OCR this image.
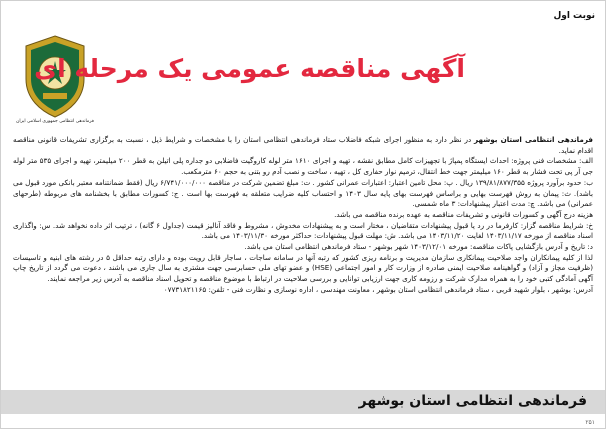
نوبت اول
فرماندهی انتظامی جمهوری اسلامی ایران
آگهی مناقصه عمومی یک مرحله ای

فرماندهی انتظامی استان بوشهر در نظر دارد به منظور اجرای شبکه فاضلاب ستاد فرماندهی انتظامی استان را با مشخصات و شرایط ذیل ، نسبت به برگزاری تشریفات قانونی مناقصه اقدام نماید.

الف: مشخصات فنی پروژه: احداث ایستگاه پمپاژ با تجهیزات کامل مطابق نقشه ، تهیه و اجرای ۱۶۱۰ متر لوله کاروگیت فاضلابی دو جداره پلی اتیلن به قطر ۲۰۰ میلیمتر، تهیه و اجرای ۵۳۵ متر لوله جی آر پی تحت فشار به قطر ۱۶۰ میلیمتر جهت خط انتقال، ترمیم نوار حفاری کل ، تهیه ، ساخت و نصب آدم رو بتنی به حجم ۶۰ مترمکعب.

ب: حدود برآورد پروژه ۱۳۹/۸۱/۸۷۷/۳۵۵ ریال . پ: محل تامین اعتبار: اعتبارات عمرانی کشور . ت: مبلغ تضمین شرکت در مناقصه ۶/۷۴۱/۰۰۰/۰۰۰ ریال (فقط ضمانتنامه معتبر بانکی مورد قبول می باشد). ث: پیمان به روش فهرست بهایی و براساس فهرست بهای پایه سال ۱۴۰۳ و احتساب کلیه ضرایب متعلقه به فهرست بها است . ج: کسورات مطابق با بخشنامه های مربوطه (طرحهای عمرانی) می باشد. چ: مدت اعتبار پیشنهادات: ۳ ماه شمسی.

هزینه درج آگهی و کسورات قانونی و تشریفات مناقصه به عهده برنده مناقصه می باشد.

خ: شرایط مناقصه گزار: کارفرما در رد یا قبول پیشنهادات متقاضیان ، مختار است و به پیشنهادات مخدوش ، مشروط و فاقد آنالیز قیمت (جداول ۶ گانه) ، ترتیب اثر داده نخواهد شد. س: واگذاری اسناد مناقصه از مورخه ۱۴۰۳/۱۱/۱۷ لغایت ۱۴۰۳/۱۱/۲۰ می باشد. ش: مهلت قبول پیشنهادات: حداکثر مورخه ۱۴۰۳/۱۱/۳۰ می باشد.

د: تاریخ و آدرس بازگشایی پاکات مناقصه: مورخه ۱۴۰۳/۱۲/۰۱ شهر بوشهر - ستاد فرماندهی انتظامی استان می باشد.

لذا از کلیه پیمانکاران واجد صلاحیت پیمانکاری سازمان مدیریت و برنامه ریزی کشور که رتبه آنها در سامانه ساجات ، ساجار قابل رویت بوده و دارای رتبه حداقل ۵ در رشته های ابنیه و تاسیسات (ظرفیت مجاز و آزاد) و گواهینامه صلاحیت ایمنی صادره از وزارت کار و امور اجتماعی (HSE) و عضو تهای ملی حسابرسی جهت مشتری به سال جاری می باشند ، دعوت می گردد از تاریخ چاپ آگهی آمادگی کتبی خود را به همراه مدارک شرکت و رزومه کاری جهت ارزیابی توانایی و بررسی صلاحیت در ارتباط با موضوع مناقصه و تحویل اسناد مناقصه به آدرس زیر مراجعه نمایند.

آدرس: بوشهر ، بلوار شهید قربی ، ستاد فرماندهی انتظامی استان بوشهر ، معاونت مهندسی ، اداره نوسازی و نظارت فنی - تلفن: ۰۷۷۳۱۸۲۱۱۶۵

فرماندهی انتظامی استان بوشهر
۲۵۱
